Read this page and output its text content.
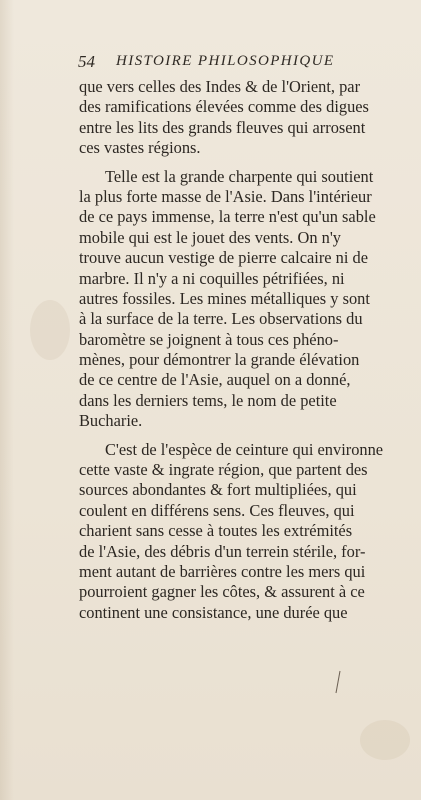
54 HISTOIRE PHILOSOPHIQUE

que vers celles des Indes & de l'Orient, par
des ramifications élevées comme des digues
entre les lits des grands fleuves qui arrosent
ces vastes régions.

Telle est la grande charpente qui soutient
la plus forte masse de l'Asie. Dans l'intérieur
de ce pays immense, la terre n'est qu'un sable
mobile qui est le jouet des vents. On n'y
trouve aucun vestige de pierre calcaire ni de
marbre. Il n'y a ni coquilles pétrifiées, ni
autres fossiles. Les mines métalliques y sont
à la surface de la terre. Les observations du
baromètre se joignent à tous ces phéno-
mènes, pour démontrer la grande élévation
de ce centre de l'Asie, auquel on a donné,
dans les derniers tems, le nom de petite
Bucharie.

C'est de l'espèce de ceinture qui environne
cette vaste & ingrate région, que partent des
sources abondantes & fort multipliées, qui
coulent en différens sens. Ces fleuves, qui
charient sans cesse à toutes les extrémités
de l'Asie, des débris d'un terrein stérile, for-
ment autant de barrières contre les mers qui
pourroient gagner les côtes, & assurent à ce
continent une consistance, une durée que
